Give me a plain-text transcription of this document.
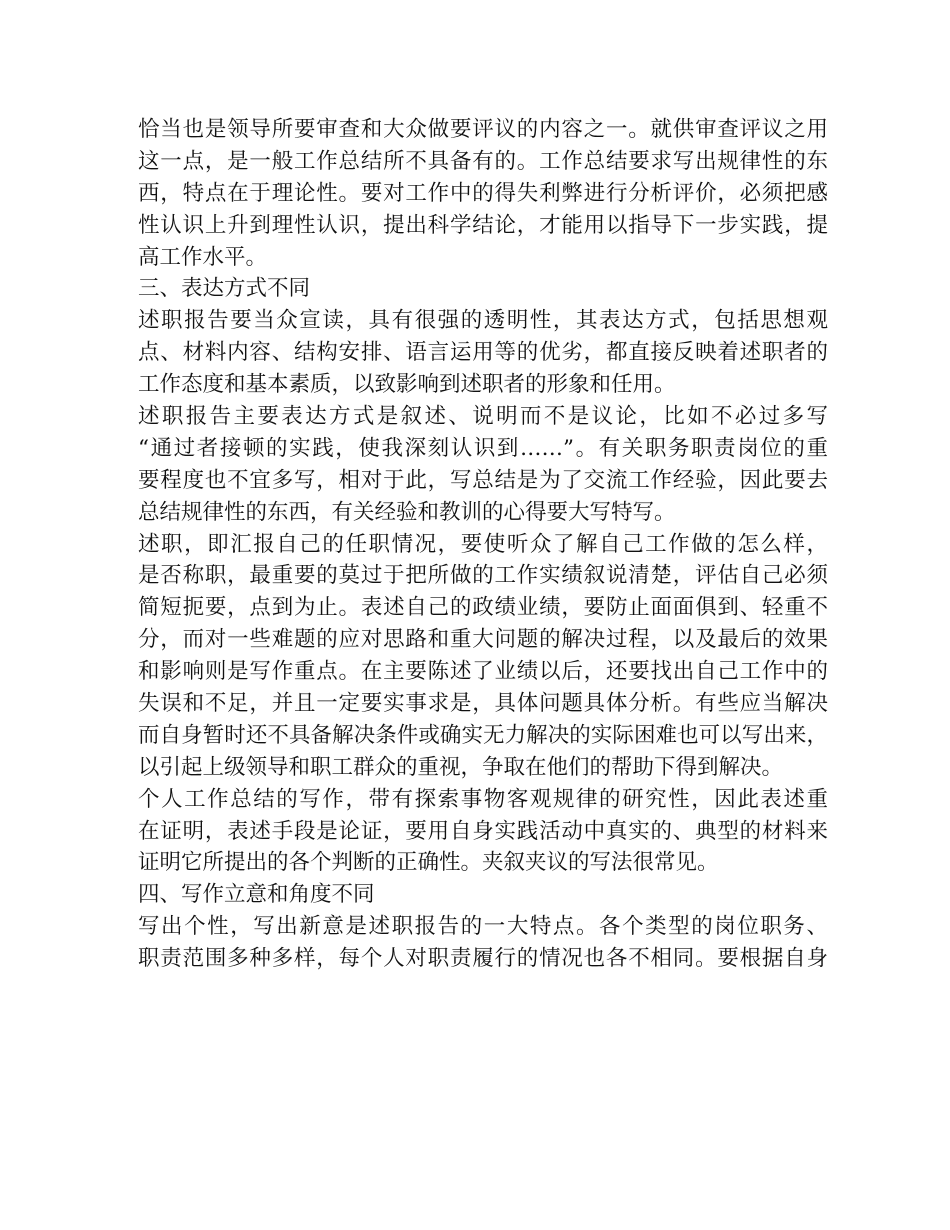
恰当也是领导所要审查和大众做要评议的内容之一。就供审查评议之用
这一点，是一般工作总结所不具备有的。工作总结要求写出规律性的东
西，特点在于理论性。要对工作中的得失利弊进行分析评价，必须把感
性认识上升到理性认识，提出科学结论，才能用以指导下一步实践，提
高工作水平。
三、表达方式不同
述职报告要当众宣读，具有很强的透明性，其表达方式，包括思想观
点、材料内容、结构安排、语言运用等的优劣，都直接反映着述职者的
工作态度和基本素质，以致影响到述职者的形象和任用。
述职报告主要表达方式是叙述、说明而不是议论，比如不必过多写
“通过者接顿的实践，使我深刻认识到……”。有关职务职责岗位的重
要程度也不宜多写，相对于此，写总结是为了交流工作经验，因此要去
总结规律性的东西，有关经验和教训的心得要大写特写。
述职，即汇报自己的任职情况，要使听众了解自己工作做的怎么样，
是否称职，最重要的莫过于把所做的工作实绩叙说清楚，评估自己必须
简短扼要，点到为止。表述自己的政绩业绩，要防止面面俱到、轻重不
分，而对一些难题的应对思路和重大问题的解决过程，以及最后的效果
和影响则是写作重点。在主要陈述了业绩以后，还要找出自己工作中的
失误和不足，并且一定要实事求是，具体问题具体分析。有些应当解决
而自身暂时还不具备解决条件或确实无力解决的实际困难也可以写出来，
以引起上级领导和职工群众的重视，争取在他们的帮助下得到解决。
个人工作总结的写作，带有探索事物客观规律的研究性，因此表述重
在证明，表述手段是论证，要用自身实践活动中真实的、典型的材料来
证明它所提出的各个判断的正确性。夹叙夹议的写法很常见。
四、写作立意和角度不同
写出个性，写出新意是述职报告的一大特点。各个类型的岗位职务、
职责范围多种多样，每个人对职责履行的情况也各不相同。要根据自身
